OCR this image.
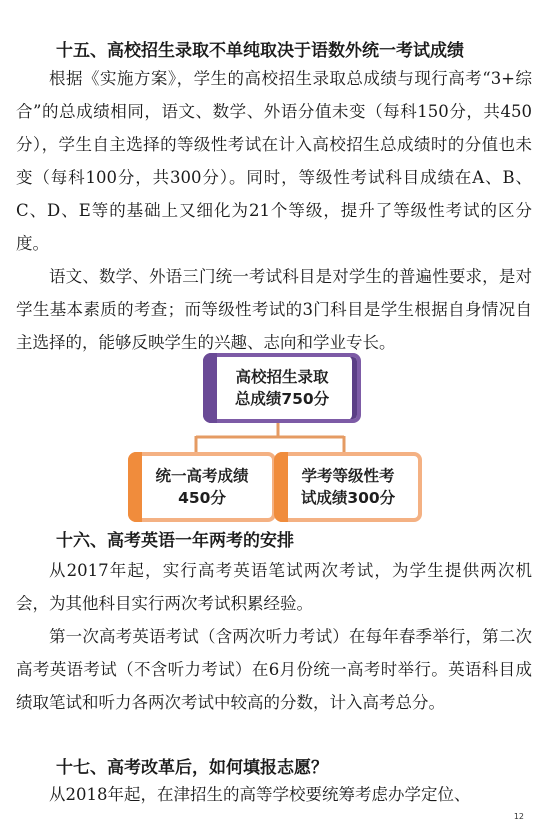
十五、高校招生录取不单纯取决于语数外统一考试成绩

根据《实施方案》，学生的高校招生录取总成绩与现行高考“3+综合”的总成绩相同，语文、数学、外语分值未变（每科150分，共450分），学生自主选择的等级性考试在计入高校招生总成绩时的分值也未变（每科100分，共300分）。同时，等级性考试科目成绩在A、B、C、D、E等的基础上又细化为21个等级，提升了等级性考试的区分度。

语文、数学、外语三门统一考试科目是对学生的普遍性要求，是对学生基本素质的考查；而等级性考试的3门科目是学生根据自身情况自主选择的，能够反映学生的兴趣、志向和学业专长。

高校招生录取
总成绩750分
统一高考成绩
450分
学考等级性考
试成绩300分
十六、高考英语一年两考的安排

从2017年起，实行高考英语笔试两次考试，为学生提供两次机会，为其他科目实行两次考试积累经验。

第一次高考英语考试（含两次听力考试）在每年春季举行，第二次高考英语考试（不含听力考试）在6月份统一高考时举行。英语科目成绩取笔试和听力各两次考试中较高的分数，计入高考总分。

十七、高考改革后，如何填报志愿？

从2018年起，在津招生的高等学校要统筹考虑办学定位、

12
